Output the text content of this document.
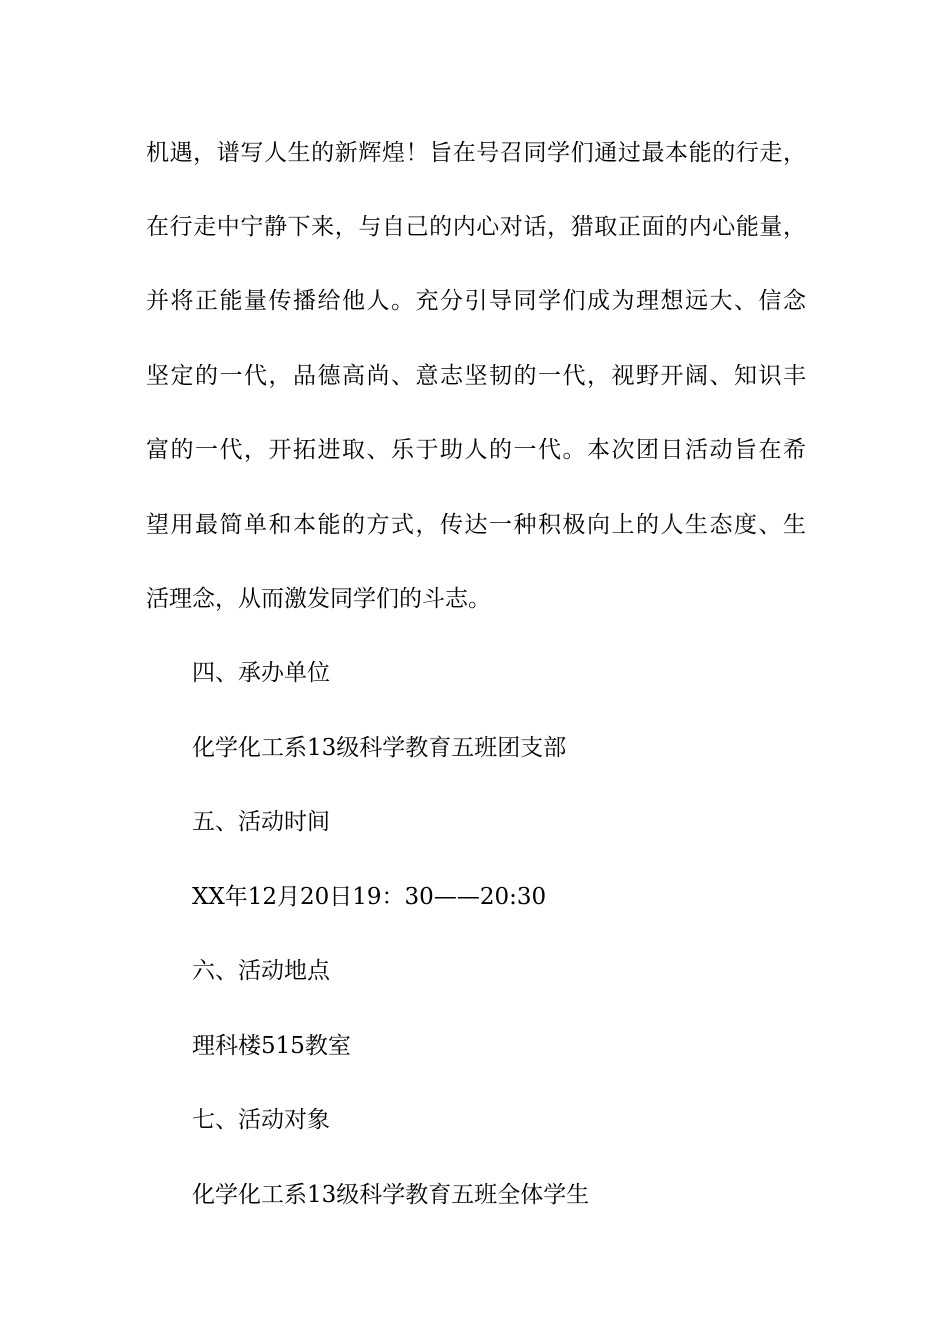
机遇，谱写人生的新辉煌！旨在号召同学们通过最本能的行走，
在行走中宁静下来，与自己的内心对话，猎取正面的内心能量，
并将正能量传播给他人。充分引导同学们成为理想远大、信念
坚定的一代，品德高尚、意志坚韧的一代，视野开阔、知识丰
富的一代，开拓进取、乐于助人的一代。本次团日活动旨在希
望用最简单和本能的方式，传达一种积极向上的人生态度、生
活理念，从而激发同学们的斗志。
四、承办单位
化学化工系13级科学教育五班团支部
五、活动时间
XX年12月20日19：30——20:30
六、活动地点
理科楼515教室
七、活动对象
化学化工系13级科学教育五班全体学生
